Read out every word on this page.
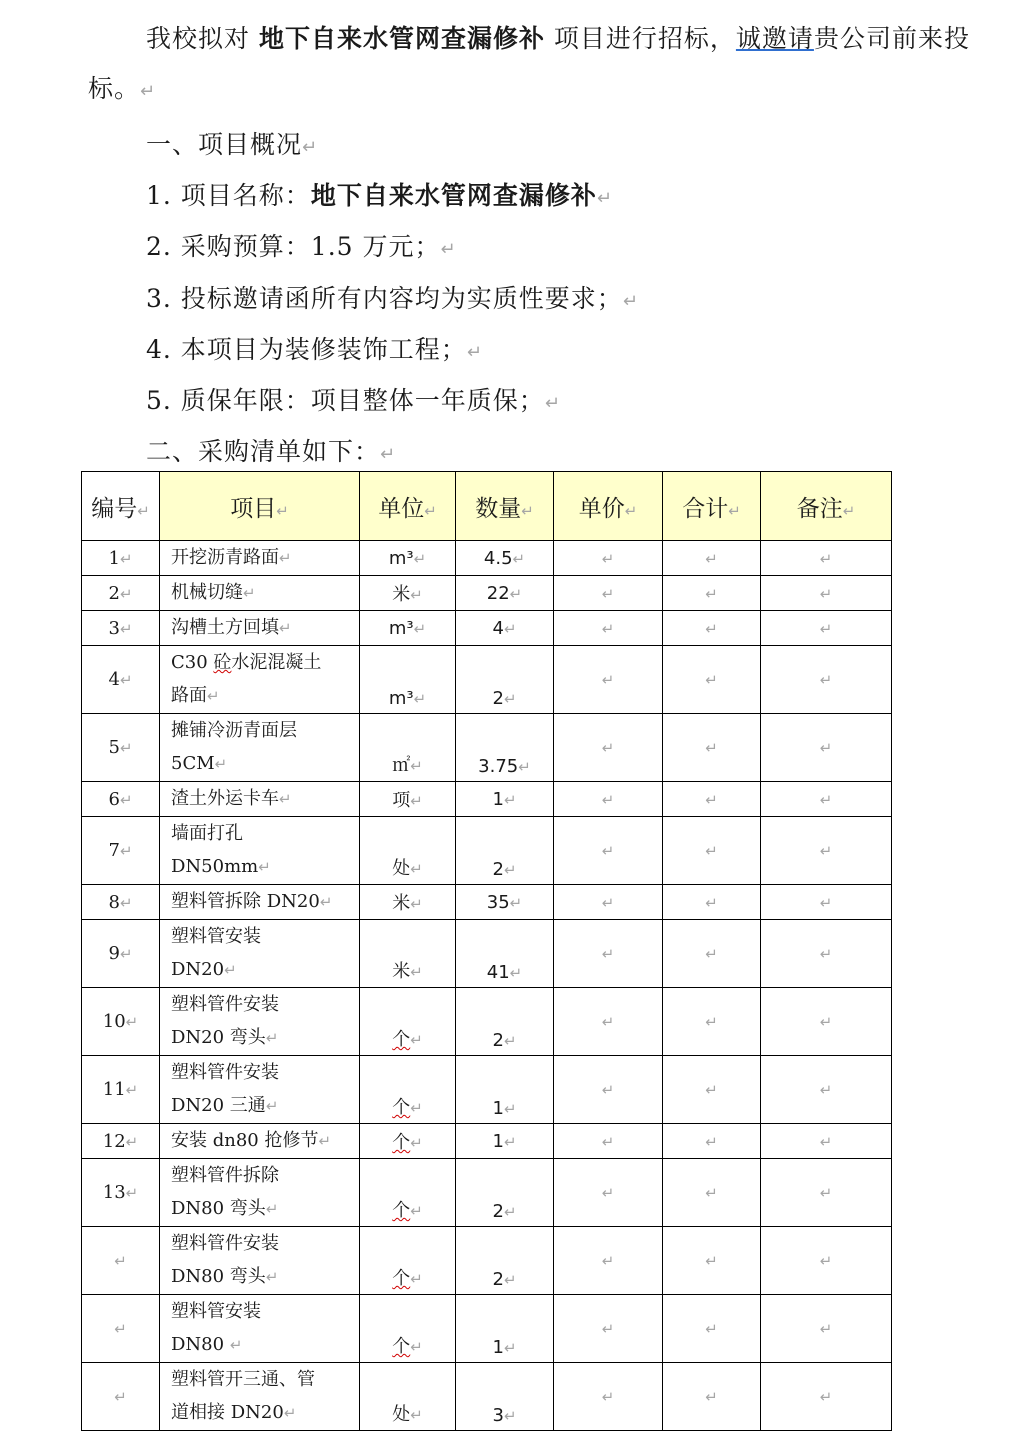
我校拟对 地下自来水管网查漏修补 项目进行招标，诚邀请贵公司前来投标。↵
一、项目概况↵
1. 项目名称：地下自来水管网查漏修补↵
2. 采购预算：1.5 万元；↵
3. 投标邀请函所有内容均为实质性要求；↵
4. 本项目为装修装饰工程；↵
5. 质保年限：项目整体一年质保；↵
二、采购清单如下：↵
编号↵	项目↵	单位↵	数量↵	单价↵	合计↵	备注↵
1↵	开挖沥青路面↵	m³↵	4.5↵	↵	↵	↵
2↵	机械切缝↵	米↵	22↵	↵	↵	↵
3↵	沟槽土方回填↵	m³↵	4↵	↵	↵	↵
4↵	C30 砼水泥混凝土
路面↵	m³↵	2↵	↵	↵	↵
5↵	摊铺冷沥青面层
5CM↵	㎡↵	3.75↵	↵	↵	↵
6↵	渣土外运卡车↵	项↵	1↵	↵	↵	↵
7↵	墙面打孔
DN50mm↵	处↵	2↵	↵	↵	↵
8↵	塑料管拆除 DN20↵	米↵	35↵	↵	↵	↵
9↵	塑料管安装
DN20↵	米↵	41↵	↵	↵	↵
10↵	塑料管件安装
DN20 弯头↵	个↵	2↵	↵	↵	↵
11↵	塑料管件安装
DN20 三通↵	个↵	1↵	↵	↵	↵
12↵	安装 dn80 抢修节↵	个↵	1↵	↵	↵	↵
13↵	塑料管件拆除
DN80 弯头↵	个↵	2↵	↵	↵	↵
↵	塑料管件安装
DN80 弯头↵	个↵	2↵	↵	↵	↵
↵	塑料管安装
DN80 ↵	个↵	1↵	↵	↵	↵
↵	塑料管开三通、管
道相接 DN20↵	处↵	3↵	↵	↵	↵
